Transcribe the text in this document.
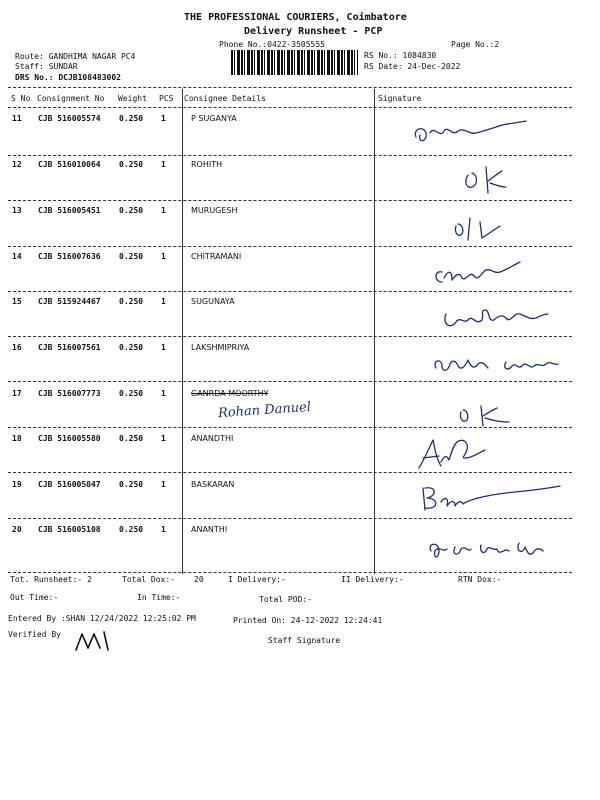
THE PROFESSIONAL COURIERS, Coimbatore
Delivery Runsheet - PCP
Phone No.:0422-3505555	Page No.:2
Route: GANDHIMA NAGAR PC4
Staff: SUNDAR
DRS No.: DCJB108483002
RS No.: 1084830
RS Date: 24-Dec-2022
S No Consignment No Weight PCS Consignee Details	Signature
11 CJB 516005574 0.250 1	P SUGANYA
12 CJB 516010064 0.250 1	ROHITH
13 CJB 516005451 0.250 1	MURUGESH
14 CJB 516007636 0.250 1	CHITRAMANI
15 CJB 515924467 0.250 1	SUGUNAYA
16 CJB 516007561 0.250 1	LAKSHMIPRIYA
17 CJB 516007773 0.250 1	GANRDA MOORTHY
18 CJB 516005580 0.250 1	ANANDTHI
19 CJB 516005047 0.250 1	BASKARAN
20 CJB 516005108 0.250 1	ANANTHI
Rohan Danuel
Tot. Runsheet:- 2	Total Dox:- 20	I Delivery:-	II Delivery:-	RTN Dox:-
Out Time:-	In Time:-	Total POD:-
Entered By :SHAN 12/24/2022 12:25:02 PM	Printed On: 24-12-2022 12:24:41
Verified By
Staff Signature
